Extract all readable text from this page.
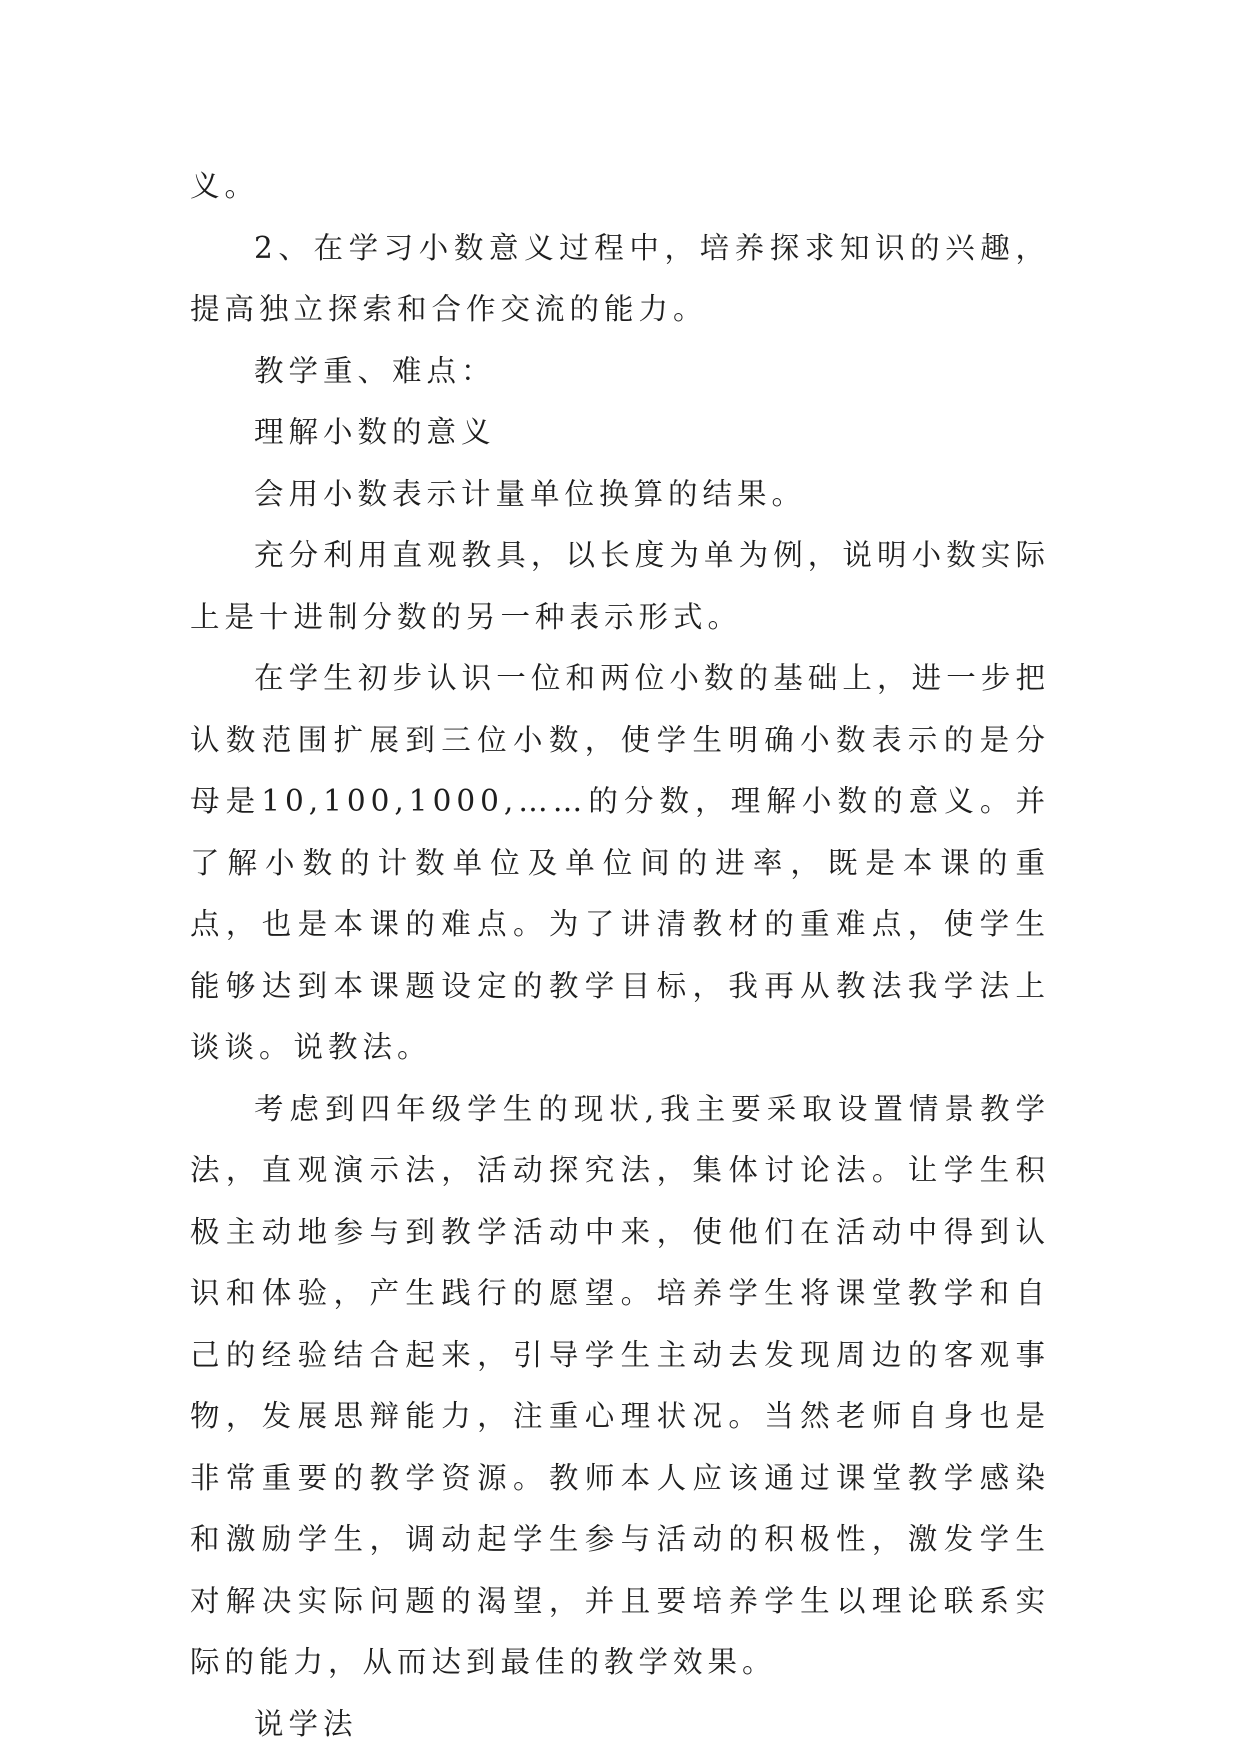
义。

2、在学习小数意义过程中，培养探求知识的兴趣，提高独立探索和合作交流的能力。

教学重、难点：

理解小数的意义

会用小数表示计量单位换算的结果。

充分利用直观教具，以长度为单为例，说明小数实际上是十进制分数的另一种表示形式。

在学生初步认识一位和两位小数的基础上，进一步把认数范围扩展到三位小数，使学生明确小数表示的是分母是10,100,1000,……的分数，理解小数的意义。并了解小数的计数单位及单位间的进率，既是本课的重点，也是本课的难点。为了讲清教材的重难点，使学生能够达到本课题设定的教学目标，我再从教法我学法上谈谈。说教法。

考虑到四年级学生的现状,我主要采取设置情景教学法，直观演示法，活动探究法，集体讨论法。让学生积极主动地参与到教学活动中来，使他们在活动中得到认识和体验，产生践行的愿望。培养学生将课堂教学和自己的经验结合起来，引导学生主动去发现周边的客观事物，发展思辩能力，注重心理状况。当然老师自身也是非常重要的教学资源。教师本人应该通过课堂教学感染和激励学生，调动起学生参与活动的积极性，激发学生对解决实际问题的渴望，并且要培养学生以理论联系实际的能力，从而达到最佳的教学效果。

说学法
